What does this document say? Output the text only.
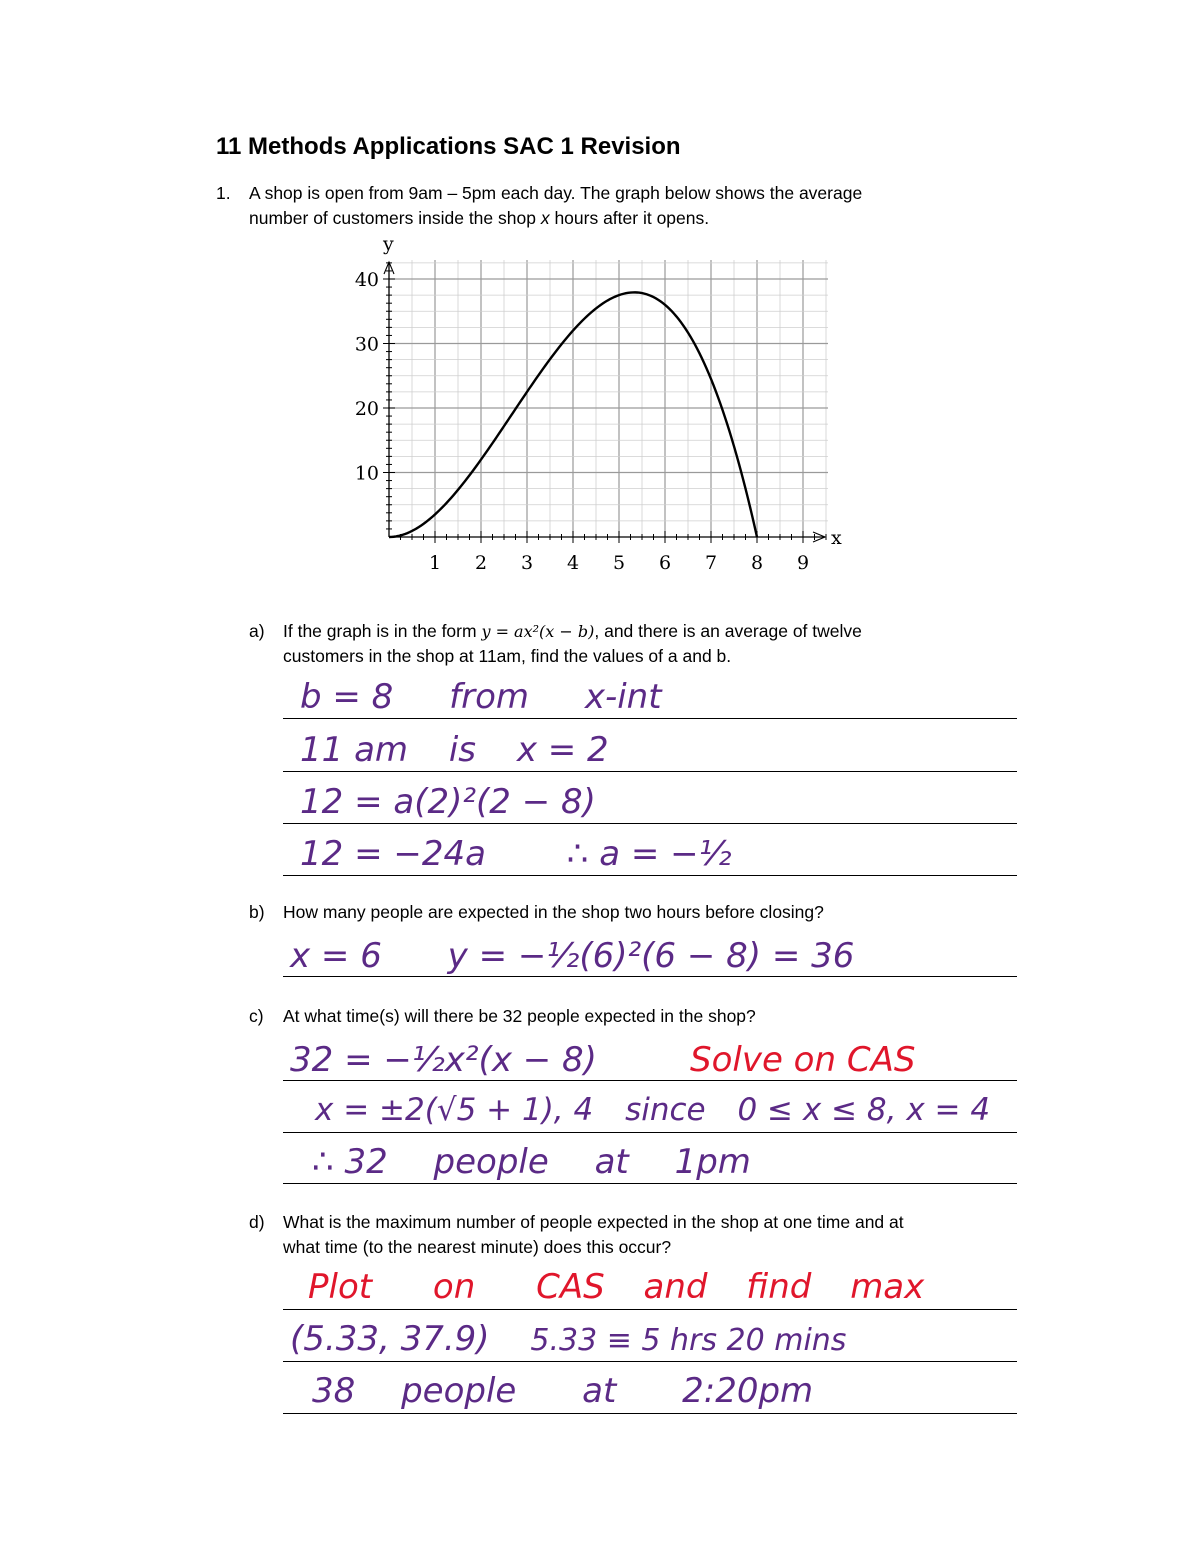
11 Methods Applications SAC 1 Revision
1. A shop is open from 9am – 5pm each day. The graph below shows the average
number of customers inside the shop x hours after it opens.
1 2 3 4 5 6 7 8 9
10
20
30
40
x
y
a) If the graph is in the form y = ax²(x − b), and there is an average of twelve
customers in the shop at 11am, find the values of a and b.
b = 8 from x-int
11 am is x = 2
12 = a(2)²(2 − 8)
12 = −24a ∴ a = −½
b) How many people are expected in the shop two hours before closing?
x = 6 y = −½(6)²(6 − 8) = 36
c) At what time(s) will there be 32 people expected in the shop?
32 = −½x²(x − 8)	Solve on CAS
x = ±2(√5 + 1), 4 since 0 ≤ x ≤ 8, x = 4
∴ 32 people at 1pm
d) What is the maximum number of people expected in the shop at one time and at
what time (to the nearest minute) does this occur?
Plot on CAS and find max
(5.33, 37.9) 5.33 ≡ 5 hrs 20 mins
38 people at 2:20pm
